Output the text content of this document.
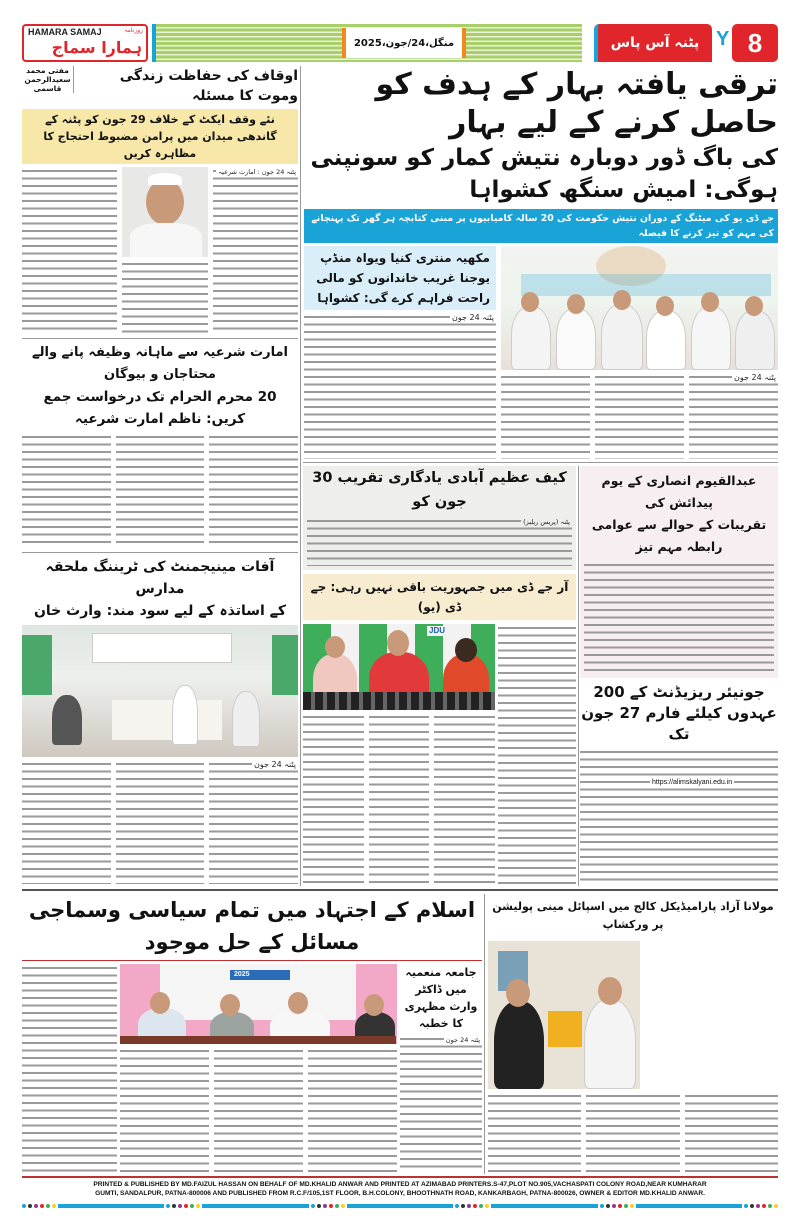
HAMARA SAMAJ	روزنامہ
ہمارا سماج	منگل،24/جون،2025	پٹنہ آس پاس Y 8
ترقی یافتہ بہار کے ہدف کو حاصل کرنے کے لیے بہار
کی باگ ڈور دوبارہ نتیش کمار کو سونپنی ہوگی: امیش سنگھ کشواہا
جے ڈی یو کی میٹنگ کے دوران نتیش حکومت کی 20 سالہ کامیابیوں پر مبنی کتابچہ ہر گھر تک پہنچانے کی مہم کو تیز کرنے کا فیصلہ
مکھیہ منتری کنیا ویواہ منڈپ یوجنا غریب خاندانوں کو مالی راحت فراہم کرے گی: کشواہا
پٹنہ 24 جون
پٹنہ 24 جون
مفتی محمد
سعیدالرحمن
قاسمی
اوقاف کی حفاظت زندگی وموت کا مسئلہ
نئے وقف ایکٹ کے خلاف 29 جون کو پٹنہ کے گاندھی میدان میں پرامن مضبوط احتجاج کا مظاہرہ کریں
پٹنہ 24 جون : امارت شرعیہ
امارت شرعیہ سے ماہانہ وظیفہ پانے والے محتاجان و بیوگان
20 محرم الحرام تک درخواست جمع کریں: ناظم امارت شرعیہ
آفات مینیجمنٹ کی ٹریننگ ملحقہ مدارس
کے اساتذہ کے لیے سود مند: وارث خان
پٹنہ 24 جون
کیف عظیم آبادی یادگاری تقریب 30 جون کو
پٹنہ (پریس ریلیز)
عبدالقیوم انصاری کے یوم پیدائش کی
تقریبات کے حوالے سے عوامی رابطہ مہم تیز
جونیئر ریزیڈنٹ کے 200
عہدوں کیلئے فارم 27 جون تک
https://alimskalyani.edu.in
آر جے ڈی میں جمہوریت باقی نہیں رہی: جے ڈی (یو)
JDU
اسلام کے اجتہاد میں تمام سیاسی وسماجی مسائل کے حل موجود
2025	جامعہ منعمیہ میں ڈاکٹر
وارث مظہری کا خطبہ
پٹنہ 24 جون
مولانا آزاد پارامیڈیکل کالج میں اسپائل مینی پولیشن پر ورکشاپ
PRINTED & PUBLISHED BY MD.FAIZUL HASSAN ON BEHALF OF MD.KHALID ANWAR AND PRINTED AT AZIMABAD PRINTERS.S-47,PLOT NO.905,VACHASPATI COLONY ROAD,NEAR KUMHARAR
GUMTI, SANDALPUR, PATNA-800006 AND PUBLISHED FROM R.C.F/105,1ST FLOOR, B.H.COLONY, BHOOTHNATH ROAD, KANKARBAGH, PATNA-800026, OWNER & EDITOR MD.KHALID ANWAR.
